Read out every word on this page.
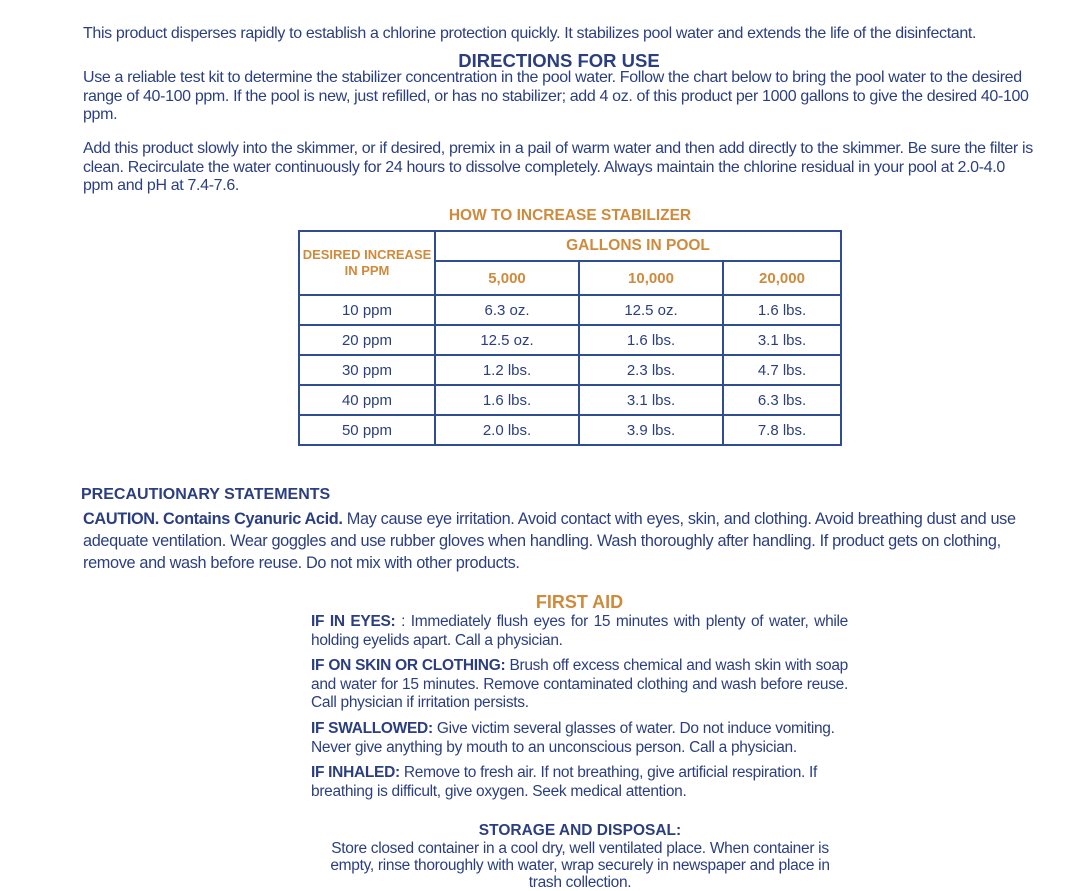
This product disperses rapidly to establish a chlorine protection quickly. It stabilizes pool water and extends the life of the disinfectant.
DIRECTIONS FOR USE
Use a reliable test kit to determine the stabilizer concentration in the pool water. Follow the chart below to bring the pool water to the desired range of 40-100 ppm. If the pool is new, just refilled, or has no stabilizer; add 4 oz. of this product per 1000 gallons to give the desired 40-100 ppm.
Add this product slowly into the skimmer, or if desired, premix in a pail of warm water and then add directly to the skimmer. Be sure the filter is clean. Recirculate the water continuously for 24 hours to dissolve completely. Always maintain the chlorine residual in your pool at 2.0-4.0 ppm and pH at 7.4-7.6.
HOW TO INCREASE STABILIZER
DESIRED INCREASE IN PPM	GALLONS IN POOL		
	5,000	10,000	20,000
10 ppm	6.3 oz.	12.5 oz.	1.6 lbs.
20 ppm	12.5 oz.	1.6 lbs.	3.1 lbs.
30 ppm	1.2 lbs.	2.3 lbs.	4.7 lbs.
40 ppm	1.6 lbs.	3.1 lbs.	6.3 lbs.
50 ppm	2.0 lbs.	3.9 lbs.	7.8 lbs.
PRECAUTIONARY STATEMENTS
CAUTION. Contains Cyanuric Acid. May cause eye irritation. Avoid contact with eyes, skin, and clothing. Avoid breathing dust and use adequate ventilation. Wear goggles and use rubber gloves when handling. Wash thoroughly after handling. If product gets on clothing, remove and wash before reuse. Do not mix with other products.
FIRST AID
IF IN EYES: : Immediately flush eyes for 15 minutes with plenty of water, while holding eyelids apart. Call a physician.
IF ON SKIN OR CLOTHING: Brush off excess chemical and wash skin with soap and water for 15 minutes. Remove contaminated clothing and wash before reuse. Call physician if irritation persists.
IF SWALLOWED: Give victim several glasses of water. Do not induce vomiting. Never give anything by mouth to an unconscious person. Call a physician.
IF INHALED: Remove to fresh air. If not breathing, give artificial respiration. If breathing is difficult, give oxygen. Seek medical attention.
STORAGE AND DISPOSAL:
Store closed container in a cool dry, well ventilated place. When container is empty, rinse thoroughly with water, wrap securely in newspaper and place in trash collection.
